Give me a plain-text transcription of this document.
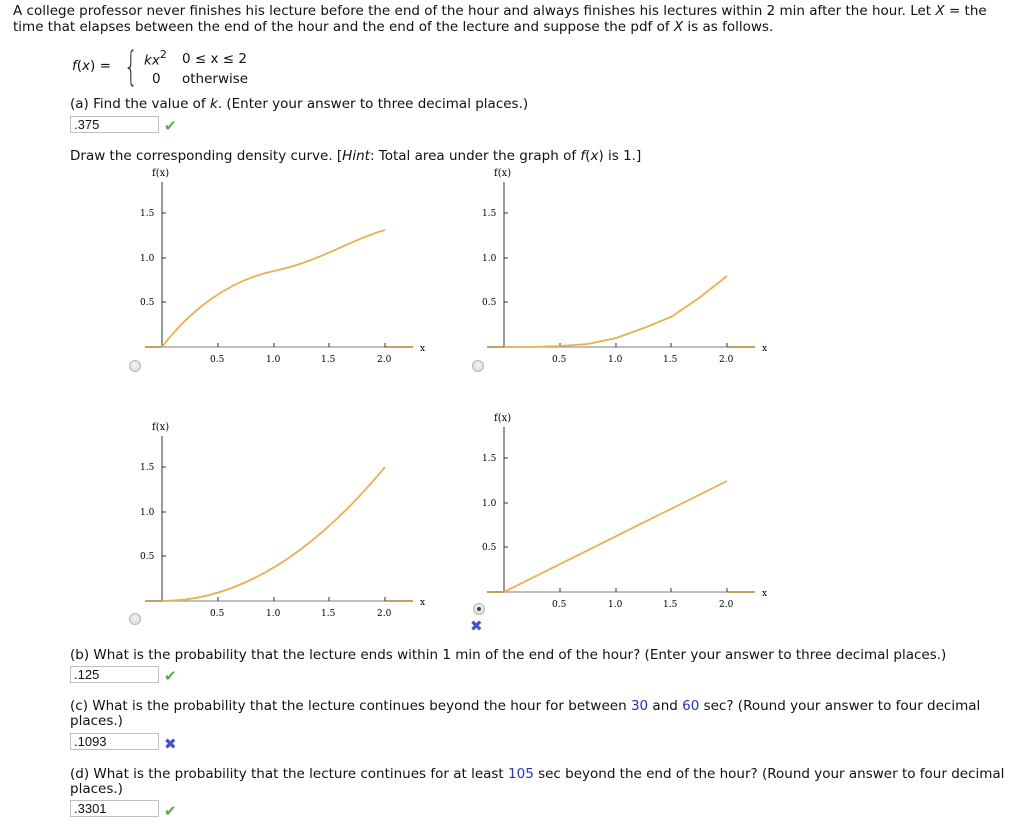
A college professor never finishes his lecture before the end of the hour and always finishes his lectures within 2 min after the hour. Let X = the time that elapses between the end of the hour and the end of the lecture and suppose the pdf of X is as follows.
f(x) = { $kx^2$ 0 ≤ x ≤ 2
0 otherwise
(a) Find the value of k. (Enter your answer to three decimal places.)
.375	✔
Draw the corresponding density curve. [Hint: Total area under the graph of f(x) is 1.]
f(x)
0.5
1.0
1.5
0.5	1.0	1.5	2.0
x
f(x)
0.5
1.0
1.5
0.5	1.0	1.5	2.0
x
f(x)
0.5
1.0
1.5
0.5	1.0	1.5	2.0
x
f(x)
0.5
1.0
1.5
0.5	1.0	1.5	2.0
x
✖
(b) What is the probability that the lecture ends within 1 min of the end of the hour? (Enter your answer to three decimal places.)
.125	✔
(c) What is the probability that the lecture continues beyond the hour for between 30 and 60 sec? (Round your answer to four decimal places.)
.1093	✖
(d) What is the probability that the lecture continues for at least 105 sec beyond the end of the hour? (Round your answer to four decimal places.)
.3301	✔
